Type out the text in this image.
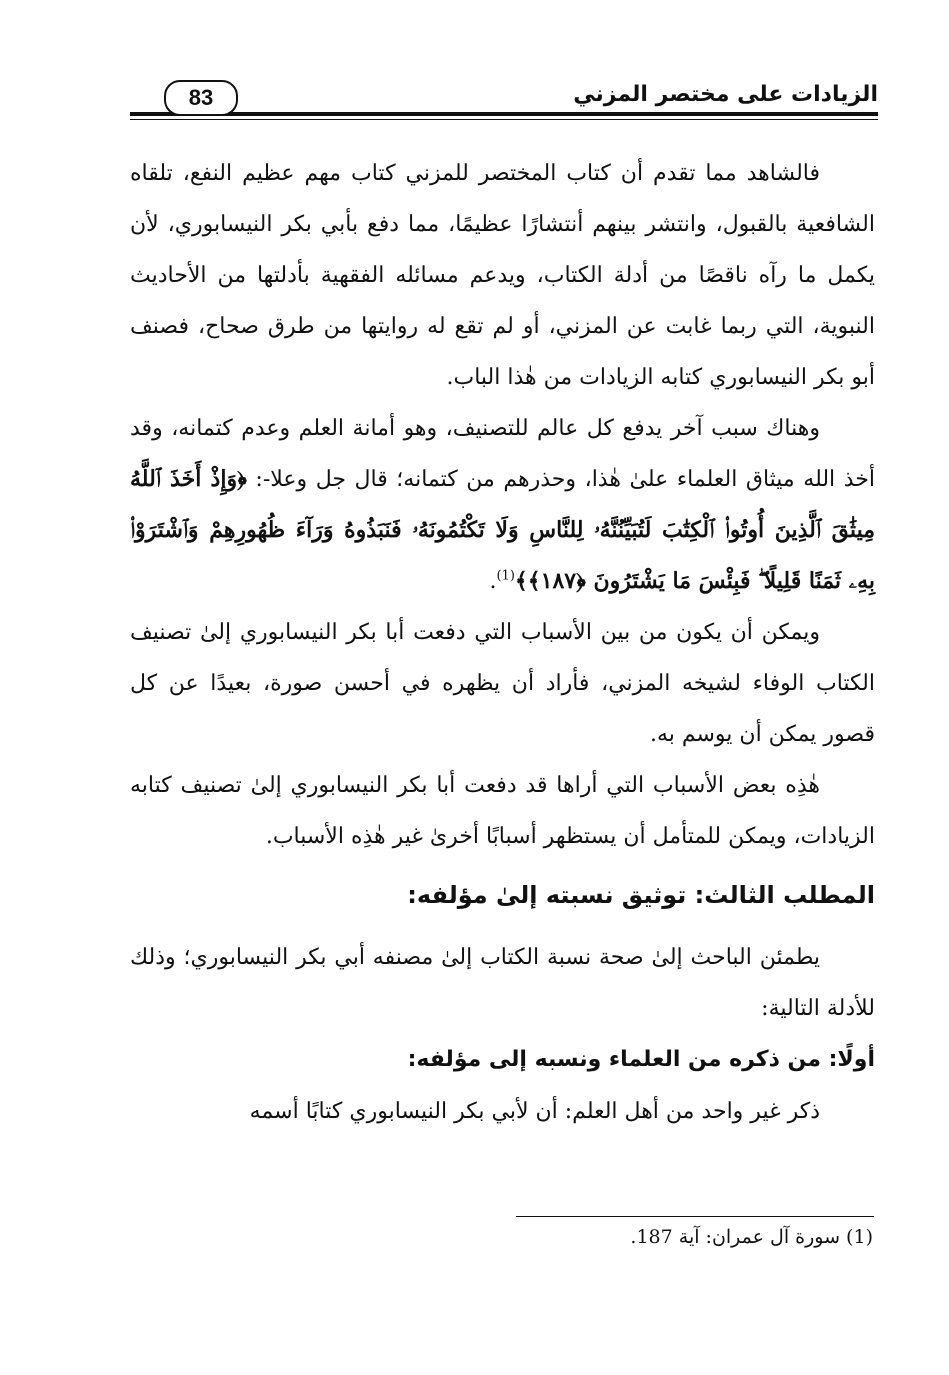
83	الزيادات على مختصر المزني

فالشاهد مما تقدم أن كتاب المختصر للمزني كتاب مهم عظيم النفع، تلقاه الشافعية بالقبول، وانتشر بينهم أنتشارًا عظيمًا، مما دفع بأبي بكر النيسابوري، لأن يكمل ما رآه ناقصًا من أدلة الكتاب، ويدعم مسائله الفقهية بأدلتها من الأحاديث النبوية، التي ربما غابت عن المزني، أو لم تقع له روايتها من طرق صحاح، فصنف أبو بكر النيسابوري كتابه الزيادات من هٰذا الباب.

وهناك سبب آخر يدفع كل عالم للتصنيف، وهو أمانة العلم وعدم كتمانه، وقد أخذ الله ميثاق العلماء علىٰ هٰذا، وحذرهم من كتمانه؛ قال جل وعلا-: ﴿وَإِذْ أَخَذَ ٱللَّهُ مِيثَٰقَ ٱلَّذِينَ أُوتُوا۟ ٱلْكِتَٰبَ لَتُبَيِّنُنَّهُۥ لِلنَّاسِ وَلَا تَكْتُمُونَهُۥ فَنَبَذُوهُ وَرَآءَ ظُهُورِهِمْ وَٱشْتَرَوْا۟ بِهِۦ ثَمَنًا قَلِيلًا ۖ فَبِئْسَ مَا يَشْتَرُونَ ﴿١٨٧﴾﴾$^{(1)}$.

ويمكن أن يكون من بين الأسباب التي دفعت أبا بكر النيسابوري إلىٰ تصنيف الكتاب الوفاء لشيخه المزني، فأراد أن يظهره في أحسن صورة، بعيدًا عن كل قصور يمكن أن يوسم به.

هٰذِه بعض الأسباب التي أراها قد دفعت أبا بكر النيسابوري إلىٰ تصنيف كتابه الزيادات، ويمكن للمتأمل أن يستظهر أسبابًا أخرىٰ غير هٰذِه الأسباب.

المطلب الثالث: توثيق نسبته إلىٰ مؤلفه:

يطمئن الباحث إلىٰ صحة نسبة الكتاب إلىٰ مصنفه أبي بكر النيسابوري؛ وذلك للأدلة التالية:

أولًا: من ذكره من العلماء ونسبه إلى مؤلفه:

ذكر غير واحد من أهل العلم: أن لأبي بكر النيسابوري كتابًا أسمه

(1) سورة آل عمران: آية 187.
